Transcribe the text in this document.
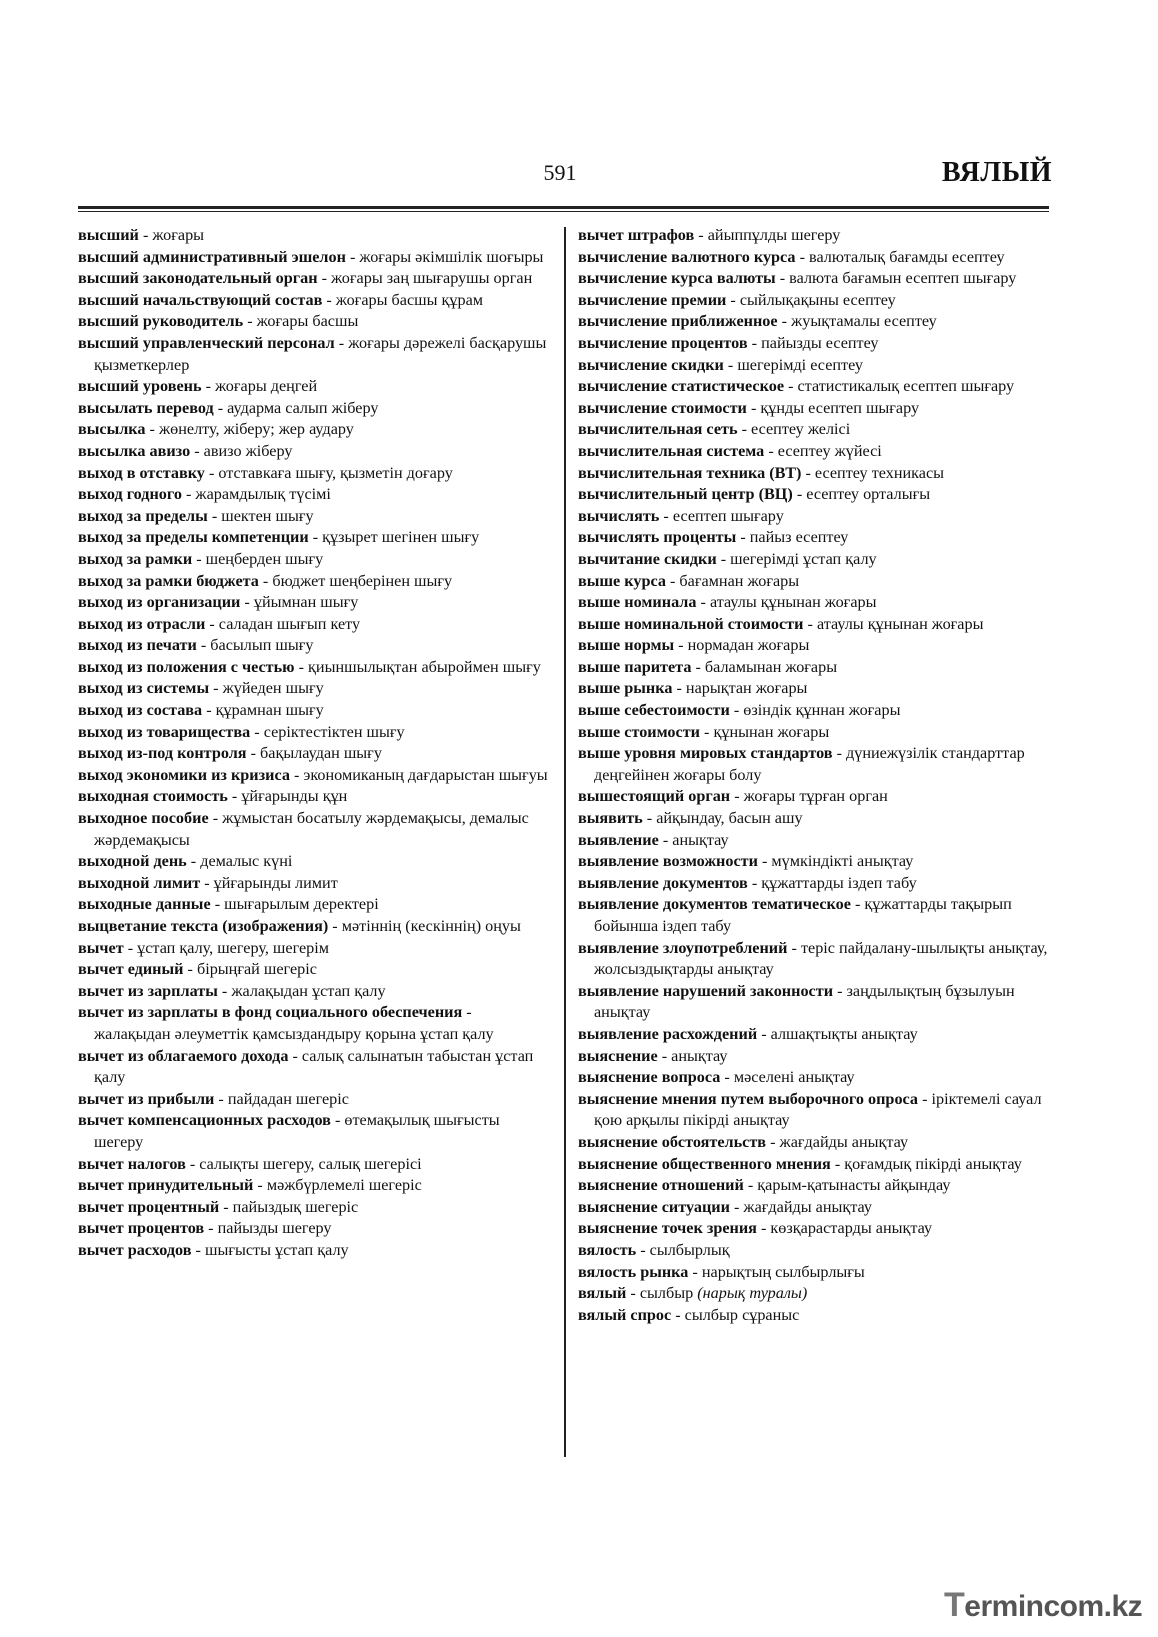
591	ВЯЛЫЙ

высший - жоғары

высший административный эшелон - жоғары әкімшілік шоғыры

высший законодательный орган - жоғары заң шығарушы орган

высший начальствующий состав - жоғары басшы құрам

высший руководитель - жоғары басшы

высший управленческий персонал - жоғары дәрежелі басқарушы қызметкерлер

высший уровень - жоғары деңгей

высылать перевод - аударма салып жіберу

высылка - жөнелту, жіберу; жер аудару

высылка авизо - авизо жіберу

выход в отставку - отставкаға шығу, қызметін доғару

выход годного - жарамдылық түсімі

выход за пределы - шектен шығу

выход за пределы компетенции - құзырет шегінен шығу

выход за рамки - шеңберден шығу

выход за рамки бюджета - бюджет шеңберінен шығу

выход из организации - ұйымнан шығу

выход из отрасли - саладан шығып кету

выход из печати - басылып шығу

выход из положения с честью - қиыншылықтан абыроймен шығу

выход из системы - жүйеден шығу

выход из состава - құрамнан шығу

выход из товарищества - серіктестіктен шығу

выход из-под контроля - бақылаудан шығу

выход экономики из кризиса - экономиканың дағдарыстан шығуы

выходная стоимость - ұйғарынды құн

выходное пособие - жұмыстан босатылу жәрдемақысы, демалыс жәрдемақысы

выходной день - демалыс күні

выходной лимит - ұйғарынды лимит

выходные данные - шығарылым деректері

выцветание текста (изображения) - мәтіннің (кескіннің) оңуы

вычет - ұстап қалу, шегеру, шегерім

вычет единый - бірыңғай шегеріс

вычет из зарплаты - жалақыдан ұстап қалу

вычет из зарплаты в фонд социального обеспечения - жалақыдан әлеуметтік қамсыздандыру қорына ұстап қалу

вычет из облагаемого дохода - салық салынатын табыстан ұстап қалу

вычет из прибыли - пайдадан шегеріс

вычет компенсационных расходов - өтемақылық шығысты шегеру

вычет налогов - салықты шегеру, салық шегерісі

вычет принудительный - мәжбүрлемелі шегеріс

вычет процентный - пайыздық шегеріс

вычет процентов - пайызды шегеру

вычет расходов - шығысты ұстап қалу

вычет штрафов - айыппұлды шегеру

вычисление валютного курса - валюталық бағамды есептеу

вычисление курса валюты - валюта бағамын есептеп шығару

вычисление премии - сыйлықақыны есептеу

вычисление приближенное - жуықтамалы есептеу

вычисление процентов - пайызды есептеу

вычисление скидки - шегерімді есептеу

вычисление статистическое - статистикалық есептеп шығару

вычисление стоимости - құнды есептеп шығару

вычислительная сеть - есептеу желісі

вычислительная система - есептеу жүйесі

вычислительная техника (ВТ) - есептеу техникасы

вычислительный центр (ВЦ) - есептеу орталығы

вычислять - есептеп шығару

вычислять проценты - пайыз есептеу

вычитание скидки - шегерімді ұстап қалу

выше курса - бағамнан жоғары

выше номинала - атаулы құнынан жоғары

выше номинальной стоимости - атаулы құнынан жоғары

выше нормы - нормадан жоғары

выше паритета - баламынан жоғары

выше рынка - нарықтан жоғары

выше себестоимости - өзіндік құннан жоғары

выше стоимости - құнынан жоғары

выше уровня мировых стандартов - дүниежүзілік стандарттар деңгейінен жоғары болу

вышестоящий орган - жоғары тұрған орган

выявить - айқындау, басын ашу

выявление - анықтау

выявление возможности - мүмкіндікті анықтау

выявление документов - құжаттарды іздеп табу

выявление документов тематическое - құжаттарды тақырып бойынша іздеп табу

выявление злоупотреблений - теріс пайдалану-шылықты анықтау, жолсыздықтарды анықтау

выявление нарушений законности - заңдылықтың бұзылуын анықтау

выявление расхождений - алшақтықты анықтау

выяснение - анықтау

выяснение вопроса - мәселені анықтау

выяснение мнения путем выборочного опроса - іріктемелі сауал қою арқылы пікірді анықтау

выяснение обстоятельств - жағдайды анықтау

выяснение общественного мнения - қоғамдық пікірді анықтау

выяснение отношений - қарым-қатынасты айқындау

выяснение ситуации - жағдайды анықтау

выяснение точек зрения - көзқарастарды анықтау

вялость - сылбырлық

вялость рынка - нарықтың сылбырлығы

вялый - сылбыр (нарық туралы)

вялый спрос - сылбыр сұраныс

Termincom.kz
